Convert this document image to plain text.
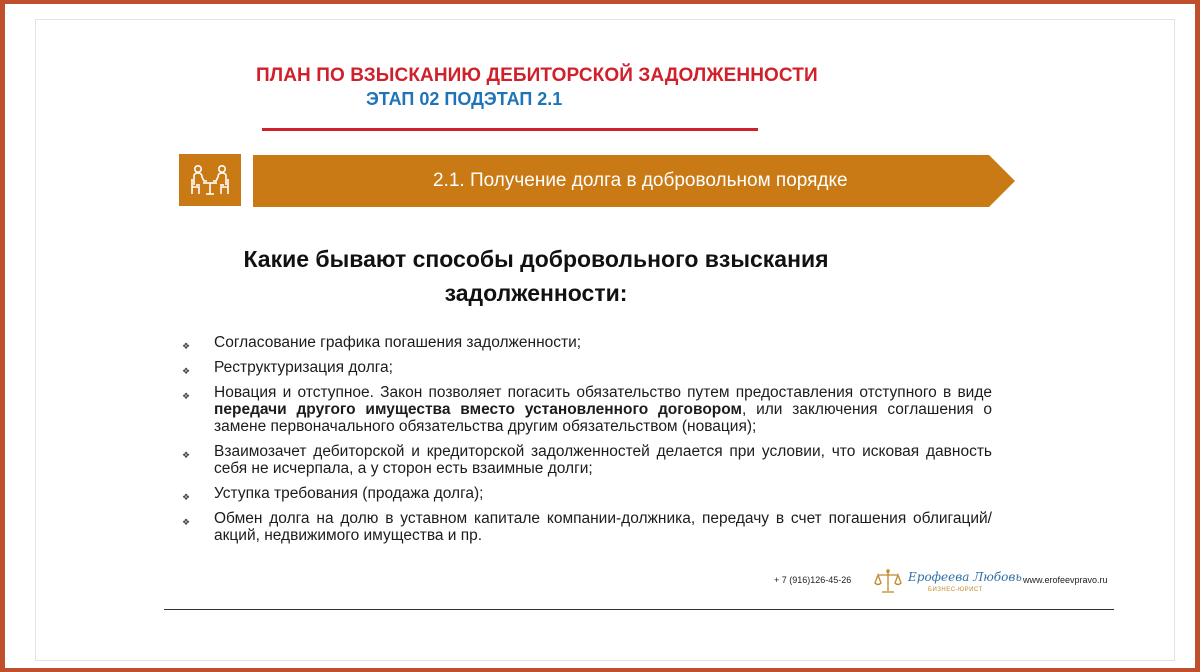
ПЛАН ПО ВЗЫСКАНИЮ ДЕБИТОРСКОЙ ЗАДОЛЖЕННОСТИ
ЭТАП 02 ПОДЭТАП 2.1
2.1. Получение долга в добровольном порядке
Какие бывают способы добровольного взыскания
задолженности:
❖ Согласование графика погашения задолженности;
❖ Реструктуризация долга;
❖ Новация и отступное. Закон позволяет погасить обязательство путем предоставления отступного в виде передачи другого имущества вместо установленного договором, или заключения соглашения о замене первоначального обязательства другим обязательством (новация);
❖ Взаимозачет дебиторской и кредиторской задолженностей делается при условии, что исковая давность себя не исчерпала, а у сторон есть взаимные долги;
❖ Уступка требования (продажа долга);
❖ Обмен долга на долю в уставном капитале компании-должника, передачу в счет погашения облигаций/ акций, недвижимого имущества и пр.
+ 7 (916)126-45-26	Ерофеева Любовь
БИЗНЕС-ЮРИСТ
www.erofeevpravo.ru
